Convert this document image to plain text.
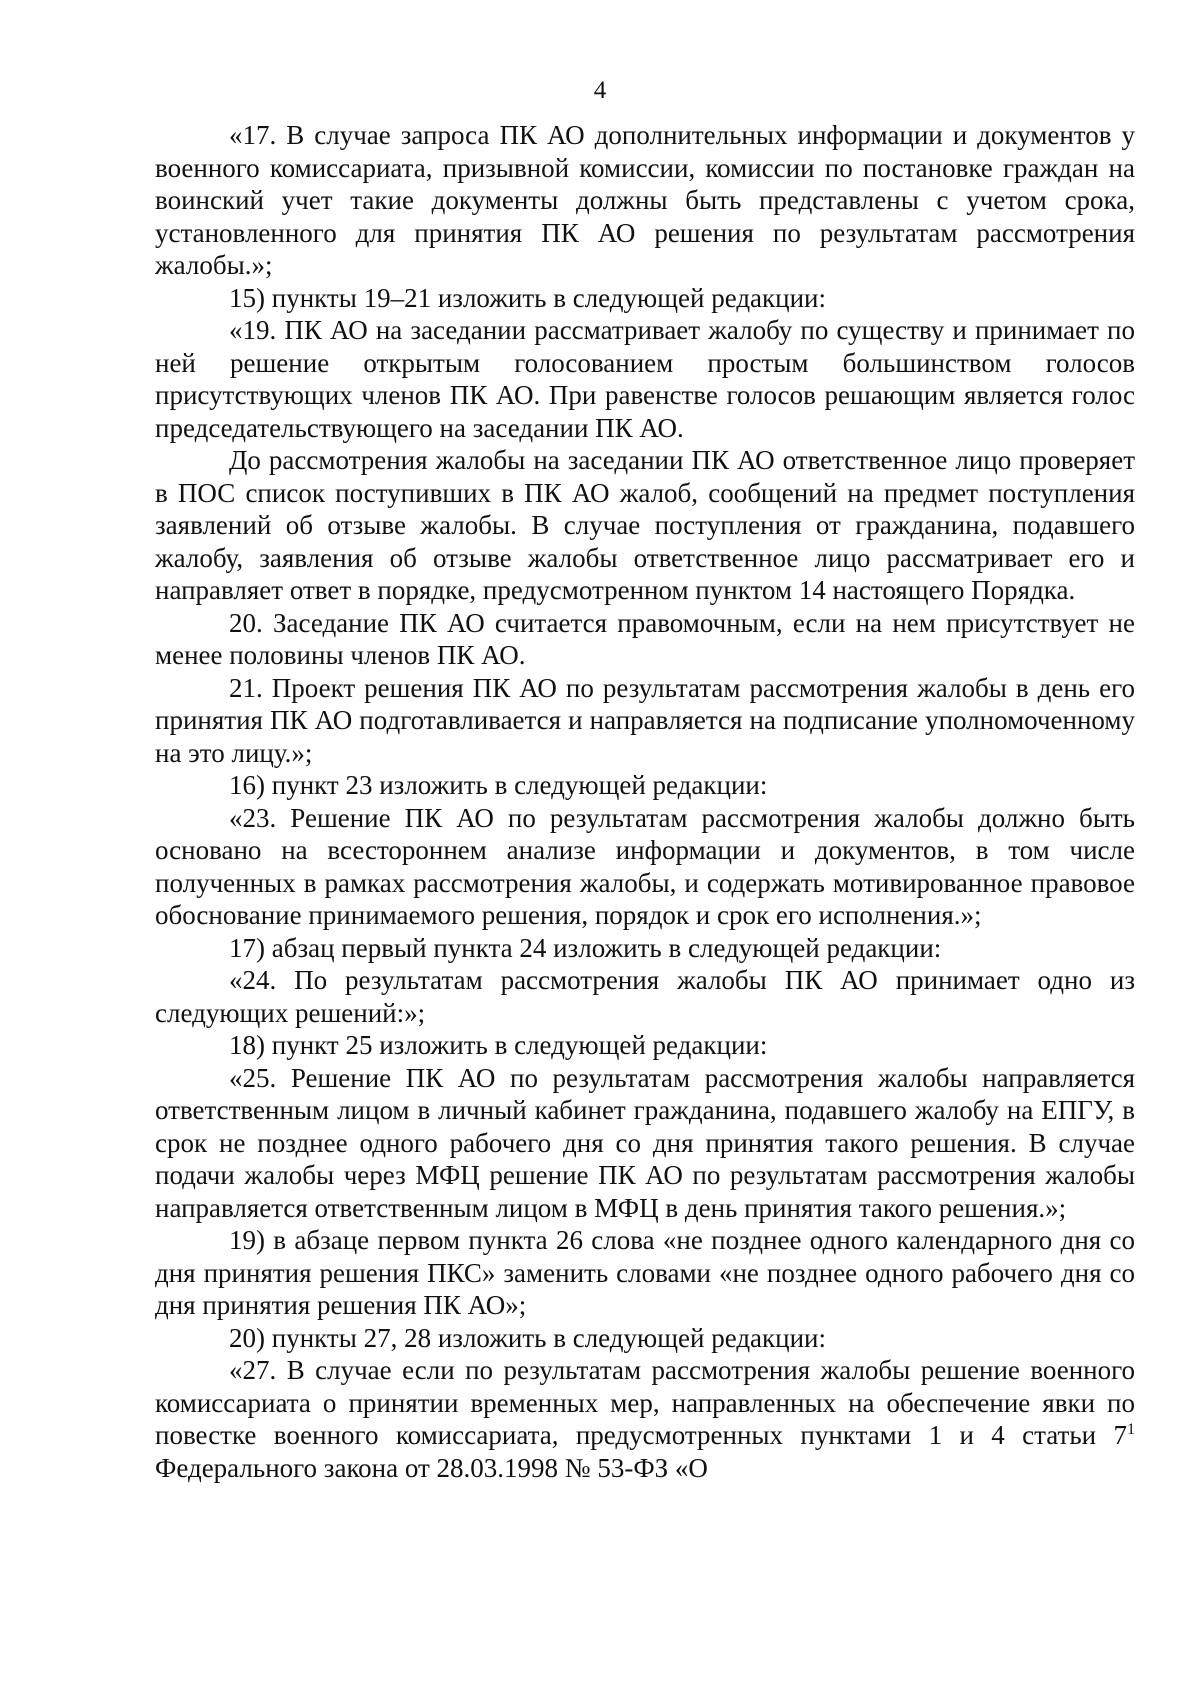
4

«17. В случае запроса ПК АО дополнительных информации и документов у военного комиссариата, призывной комиссии, комиссии по постановке граждан на воинский учет такие документы должны быть представлены с учетом срока, установленного для принятия ПК АО решения по результатам рассмотрения жалобы.»;

15) пункты 19–21 изложить в следующей редакции:

«19. ПК АО на заседании рассматривает жалобу по существу и принимает по ней решение открытым голосованием простым большинством голосов присутствующих членов ПК АО. При равенстве голосов решающим является голос председательствующего на заседании ПК АО.

До рассмотрения жалобы на заседании ПК АО ответственное лицо проверяет в ПОС список поступивших в ПК АО жалоб, сообщений на предмет поступления заявлений об отзыве жалобы. В случае поступления от гражданина, подавшего жалобу, заявления об отзыве жалобы ответственное лицо рассматривает его и направляет ответ в порядке, предусмотренном пунктом 14 настоящего Порядка.

20. Заседание ПК АО считается правомочным, если на нем присутствует не менее половины членов ПК АО.

21. Проект решения ПК АО по результатам рассмотрения жалобы в день его принятия ПК АО подготавливается и направляется на подписание уполномоченному на это лицу.»;

16) пункт 23 изложить в следующей редакции:

«23. Решение ПК АО по результатам рассмотрения жалобы должно быть основано на всестороннем анализе информации и документов, в том числе полученных в рамках рассмотрения жалобы, и содержать мотивированное правовое обоснование принимаемого решения, порядок и срок его исполнения.»;

17) абзац первый пункта 24 изложить в следующей редакции:

«24. По результатам рассмотрения жалобы ПК АО принимает одно из следующих решений:»;

18) пункт 25 изложить в следующей редакции:

«25. Решение ПК АО по результатам рассмотрения жалобы направляется ответственным лицом в личный кабинет гражданина, подавшего жалобу на ЕПГУ, в срок не позднее одного рабочего дня со дня принятия такого решения. В случае подачи жалобы через МФЦ решение ПК АО по результатам рассмотрения жалобы направляется ответственным лицом в МФЦ в день принятия такого решения.»;

19) в абзаце первом пункта 26 слова «не позднее одного календарного дня со дня принятия решения ПКС» заменить словами «не позднее одного рабочего дня со дня принятия решения ПК АО»;

20) пункты 27, 28 изложить в следующей редакции:

«27. В случае если по результатам рассмотрения жалобы решение военного комиссариата о принятии временных мер, направленных на обеспечение явки по повестке военного комиссариата, предусмотренных пунктами 1 и 4 статьи $7^1$ Федерального закона от 28.03.1998 № 53-ФЗ «О
